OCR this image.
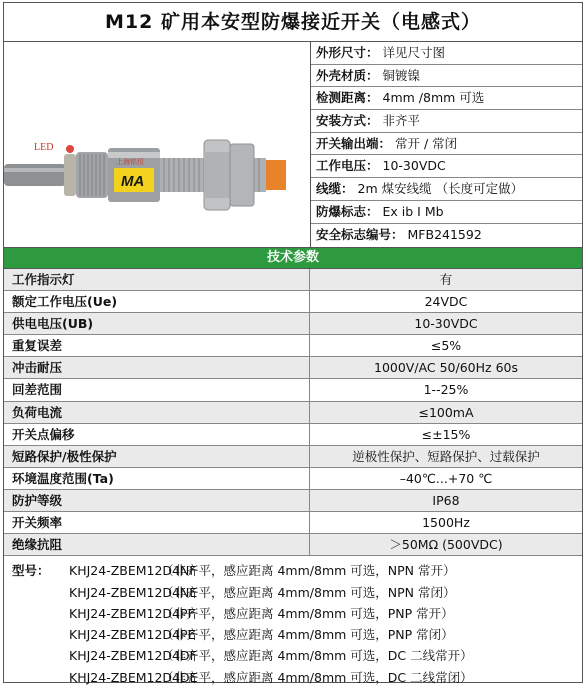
M12 矿用本安型防爆接近开关（电感式）
LED
上海铭恒
MA
外形尺寸： 详见尺寸图
外壳材质： 铜镀镍
检测距离： 4mm /8mm 可选
安装方式： 非齐平
开关输出端： 常开 / 常闭
工作电压： 10-30VDC
线缆： 2m 煤安线缆 （长度可定做）
防爆标志： Ex ib I Mb
安全标志编号： MFB241592
技术参数
工作指示灯	有
额定工作电压(Ue)	24VDC
供电电压(UB)	10-30VDC
重复误差	≤5%
冲击耐压	1000V/AC 50/60Hz 60s
回差范围	1--25%
负荷电流	≤100mA
开关点偏移	≤±15%
短路保护/极性保护	逆极性保护、短路保护、过载保护
环境温度范围(Ta)	–40℃...+70 ℃
防护等级	IP68
开关频率	1500Hz
绝缘抗阻	＞50MΩ (500VDC)
型号：	KHJ24-ZBEM12D4NF
（非齐平，感应距离 4mm/8mm 可选，NPN 常开）
KHJ24-ZBEM12D4NE
（非齐平，感应距离 4mm/8mm 可选，NPN 常闭）
KHJ24-ZBEM12D4PF
（非齐平，感应距离 4mm/8mm 可选，PNP 常开）
KHJ24-ZBEM12D4PE
（非齐平，感应距离 4mm/8mm 可选，PNP 常闭）
KHJ24-ZBEM12D4DF
（非齐平，感应距离 4mm/8mm 可选，DC 二线常开）
KHJ24-ZBEM12D4DE
（非齐平，感应距离 4mm/8mm 可选，DC 二线常闭）
